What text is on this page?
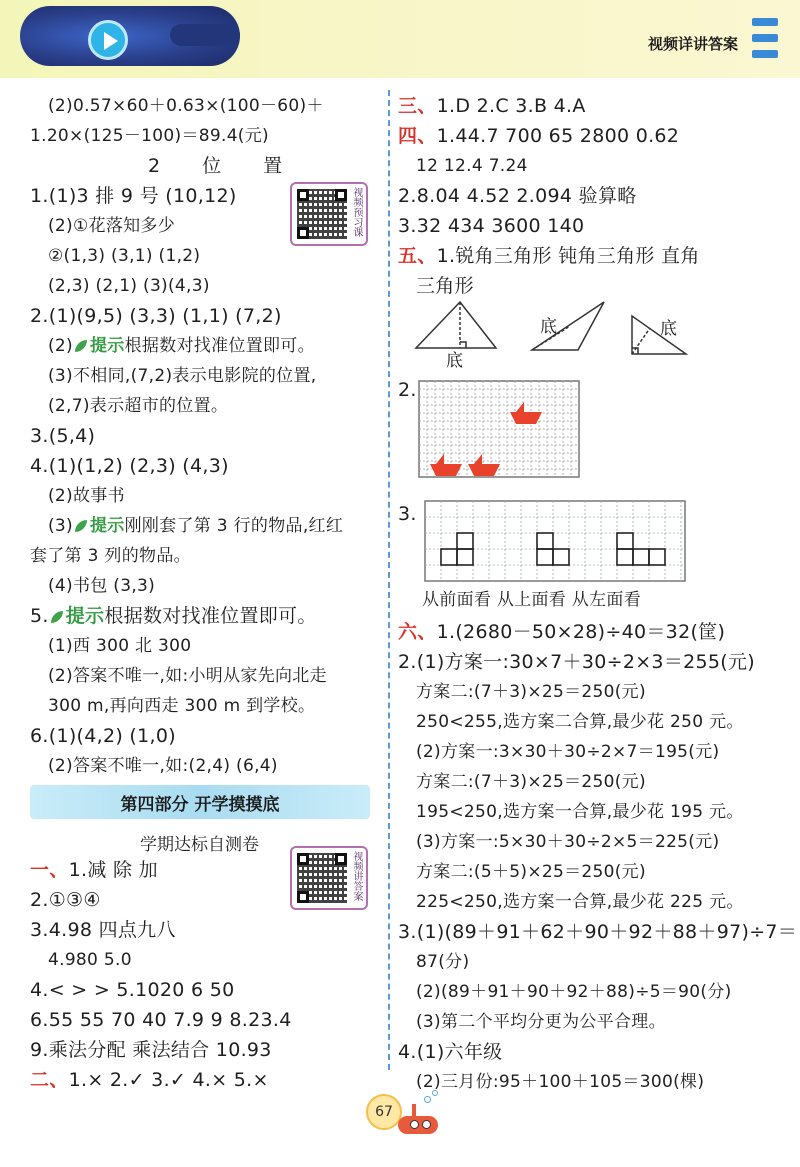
视频详讲答案
(2)0.57×60＋0.63×(100－60)＋
1.20×(125－100)＝89.4(元)
2 位 置
1.(1)3 排 9 号 (10,12)
(2)①花落知多少
②(1,3) (3,1) (1,2)
(2,3) (2,1) (3)(4,3)
视频预习课
2.(1)(9,5) (3,3) (1,1) (7,2)
(2) 提示根据数对找准位置即可。
(3)不相同,(7,2)表示电影院的位置,
(2,7)表示超市的位置。
3.(5,4)
4.(1)(1,2) (2,3) (4,3)
(2)故事书
(3) 提示刚刚套了第 3 行的物品,红红
套了第 3 列的物品。
(4)书包 (3,3)
5. 提示根据数对找准位置即可。
(1)西 300 北 300
(2)答案不唯一,如:小明从家先向北走
300 m,再向西走 300 m 到学校。
6.(1)(4,2) (1,0)
(2)答案不唯一,如:(2,4) (6,4)
第四部分 开学摸摸底
学期达标自测卷
视频讲答案
一、1.减 除 加
2.①③④
3.4.98 四点九八
4.980 5.0
4.< > > 5.1020 6 50
6.55 55 70 40 7.9 9 8.23.4
9.乘法分配 乘法结合 10.93
二、1.× 2.✓ 3.✓ 4.× 5.×
三、1.D 2.C 3.B 4.A
四、1.44.7 700 65 2800 0.62
12 12.4 7.24
2.8.04 4.52 2.094 验算略
3.32 434 3600 140
五、1.锐角三角形 钝角三角形 直角
三角形
底
底	底
2.
3.
从前面看 从上面看 从左面看
六、1.(2680－50×28)÷40＝32(筐)
2.(1)方案一:30×7＋30÷2×3＝255(元)
方案二:(7＋3)×25＝250(元)
250<255,选方案二合算,最少花 250 元。
(2)方案一:3×30＋30÷2×7＝195(元)
方案二:(7＋3)×25＝250(元)
195<250,选方案一合算,最少花 195 元。
(3)方案一:5×30＋30÷2×5＝225(元)
方案二:(5＋5)×25＝250(元)
225<250,选方案一合算,最少花 225 元。
3.(1)(89＋91＋62＋90＋92＋88＋97)÷7＝
87(分)
(2)(89＋91＋90＋92＋88)÷5＝90(分)
(3)第二个平均分更为公平合理。
4.(1)六年级
(2)三月份:95＋100＋105＝300(棵)
67
